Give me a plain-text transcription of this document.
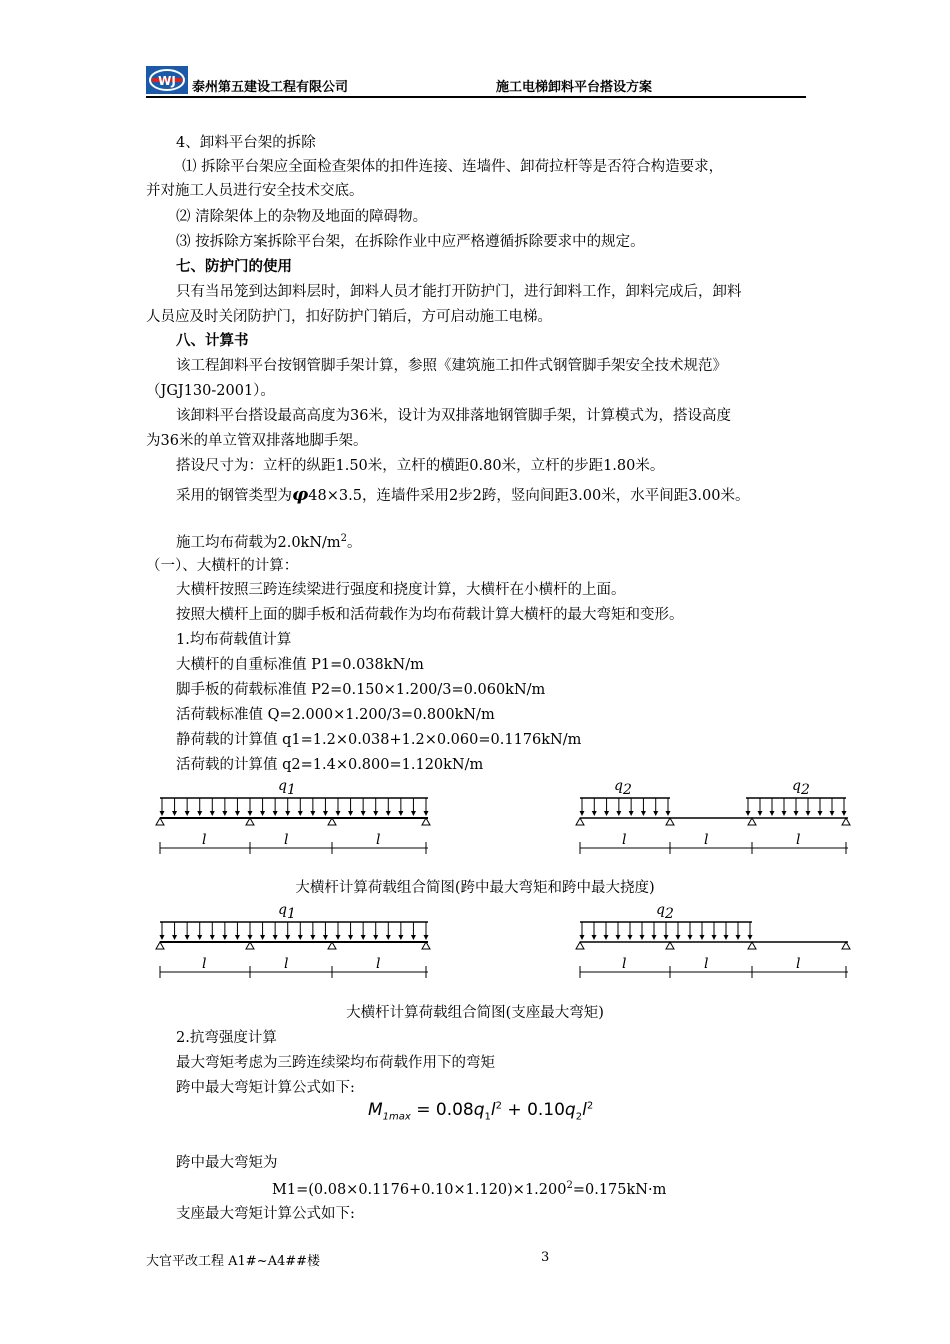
WJ 泰州第五建设工程有限公司	施工电梯卸料平台搭设方案
4、卸料平台架的拆除
⑴ 拆除平台架应全面检查架体的扣件连接、连墙件、卸荷拉杆等是否符合构造要求，
并对施工人员进行安全技术交底。
⑵ 清除架体上的杂物及地面的障碍物。
⑶ 按拆除方案拆除平台架，在拆除作业中应严格遵循拆除要求中的规定。
七、防护门的使用
只有当吊笼到达卸料层时，卸料人员才能打开防护门，进行卸料工作，卸料完成后，卸料
人员应及时关闭防护门，扣好防护门销后，方可启动施工电梯。
八、计算书
该工程卸料平台按钢管脚手架计算，参照《建筑施工扣件式钢管脚手架安全技术规范》
（JGJ130-2001）。
该卸料平台搭设最高高度为36米，设计为双排落地钢管脚手架，计算模式为，搭设高度
为36米的单立管双排落地脚手架。
搭设尺寸为：立杆的纵距1.50米，立杆的横距0.80米，立杆的步距1.80米。
采用的钢管类型为φ48×3.5，连墙件采用2步2跨，竖向间距3.00米，水平间距3.00米。
施工均布荷载为$2.0kN/m^2$。
（一）、大横杆的计算：
大横杆按照三跨连续梁进行强度和挠度计算，大横杆在小横杆的上面。
按照大横杆上面的脚手板和活荷载作为均布荷载计算大横杆的最大弯矩和变形。
1.均布荷载值计算
大横杆的自重标准值 P1=0.038kN/m
脚手板的荷载标准值 P2=0.150×1.200/3=0.060kN/m
活荷载标准值 Q=2.000×1.200/3=0.800kN/m
静荷载的计算值 q1=1.2×0.038+1.2×0.060=0.1176kN/m
活荷载的计算值 q2=1.4×0.800=1.120kN/m
q 1
l	l	l
q 2	q 2
l	l	l
大横杆计算荷载组合简图(跨中最大弯矩和跨中最大挠度)
q 1
l	l	l
q 2
l	l	l
大横杆计算荷载组合简图(支座最大弯矩)
2.抗弯强度计算
最大弯矩考虑为三跨连续梁均布荷载作用下的弯矩
跨中最大弯矩计算公式如下:
$M_{1max} = 0.08q_1l^2 + 0.10q_2l^2$
跨中最大弯矩为
$M1=(0.08\times 0.1176+0.10\times 1.120)\times 1.200^2=0.175kN\cdot m$
支座最大弯矩计算公式如下:
大官平改工程 A1#~A4##楼	3
